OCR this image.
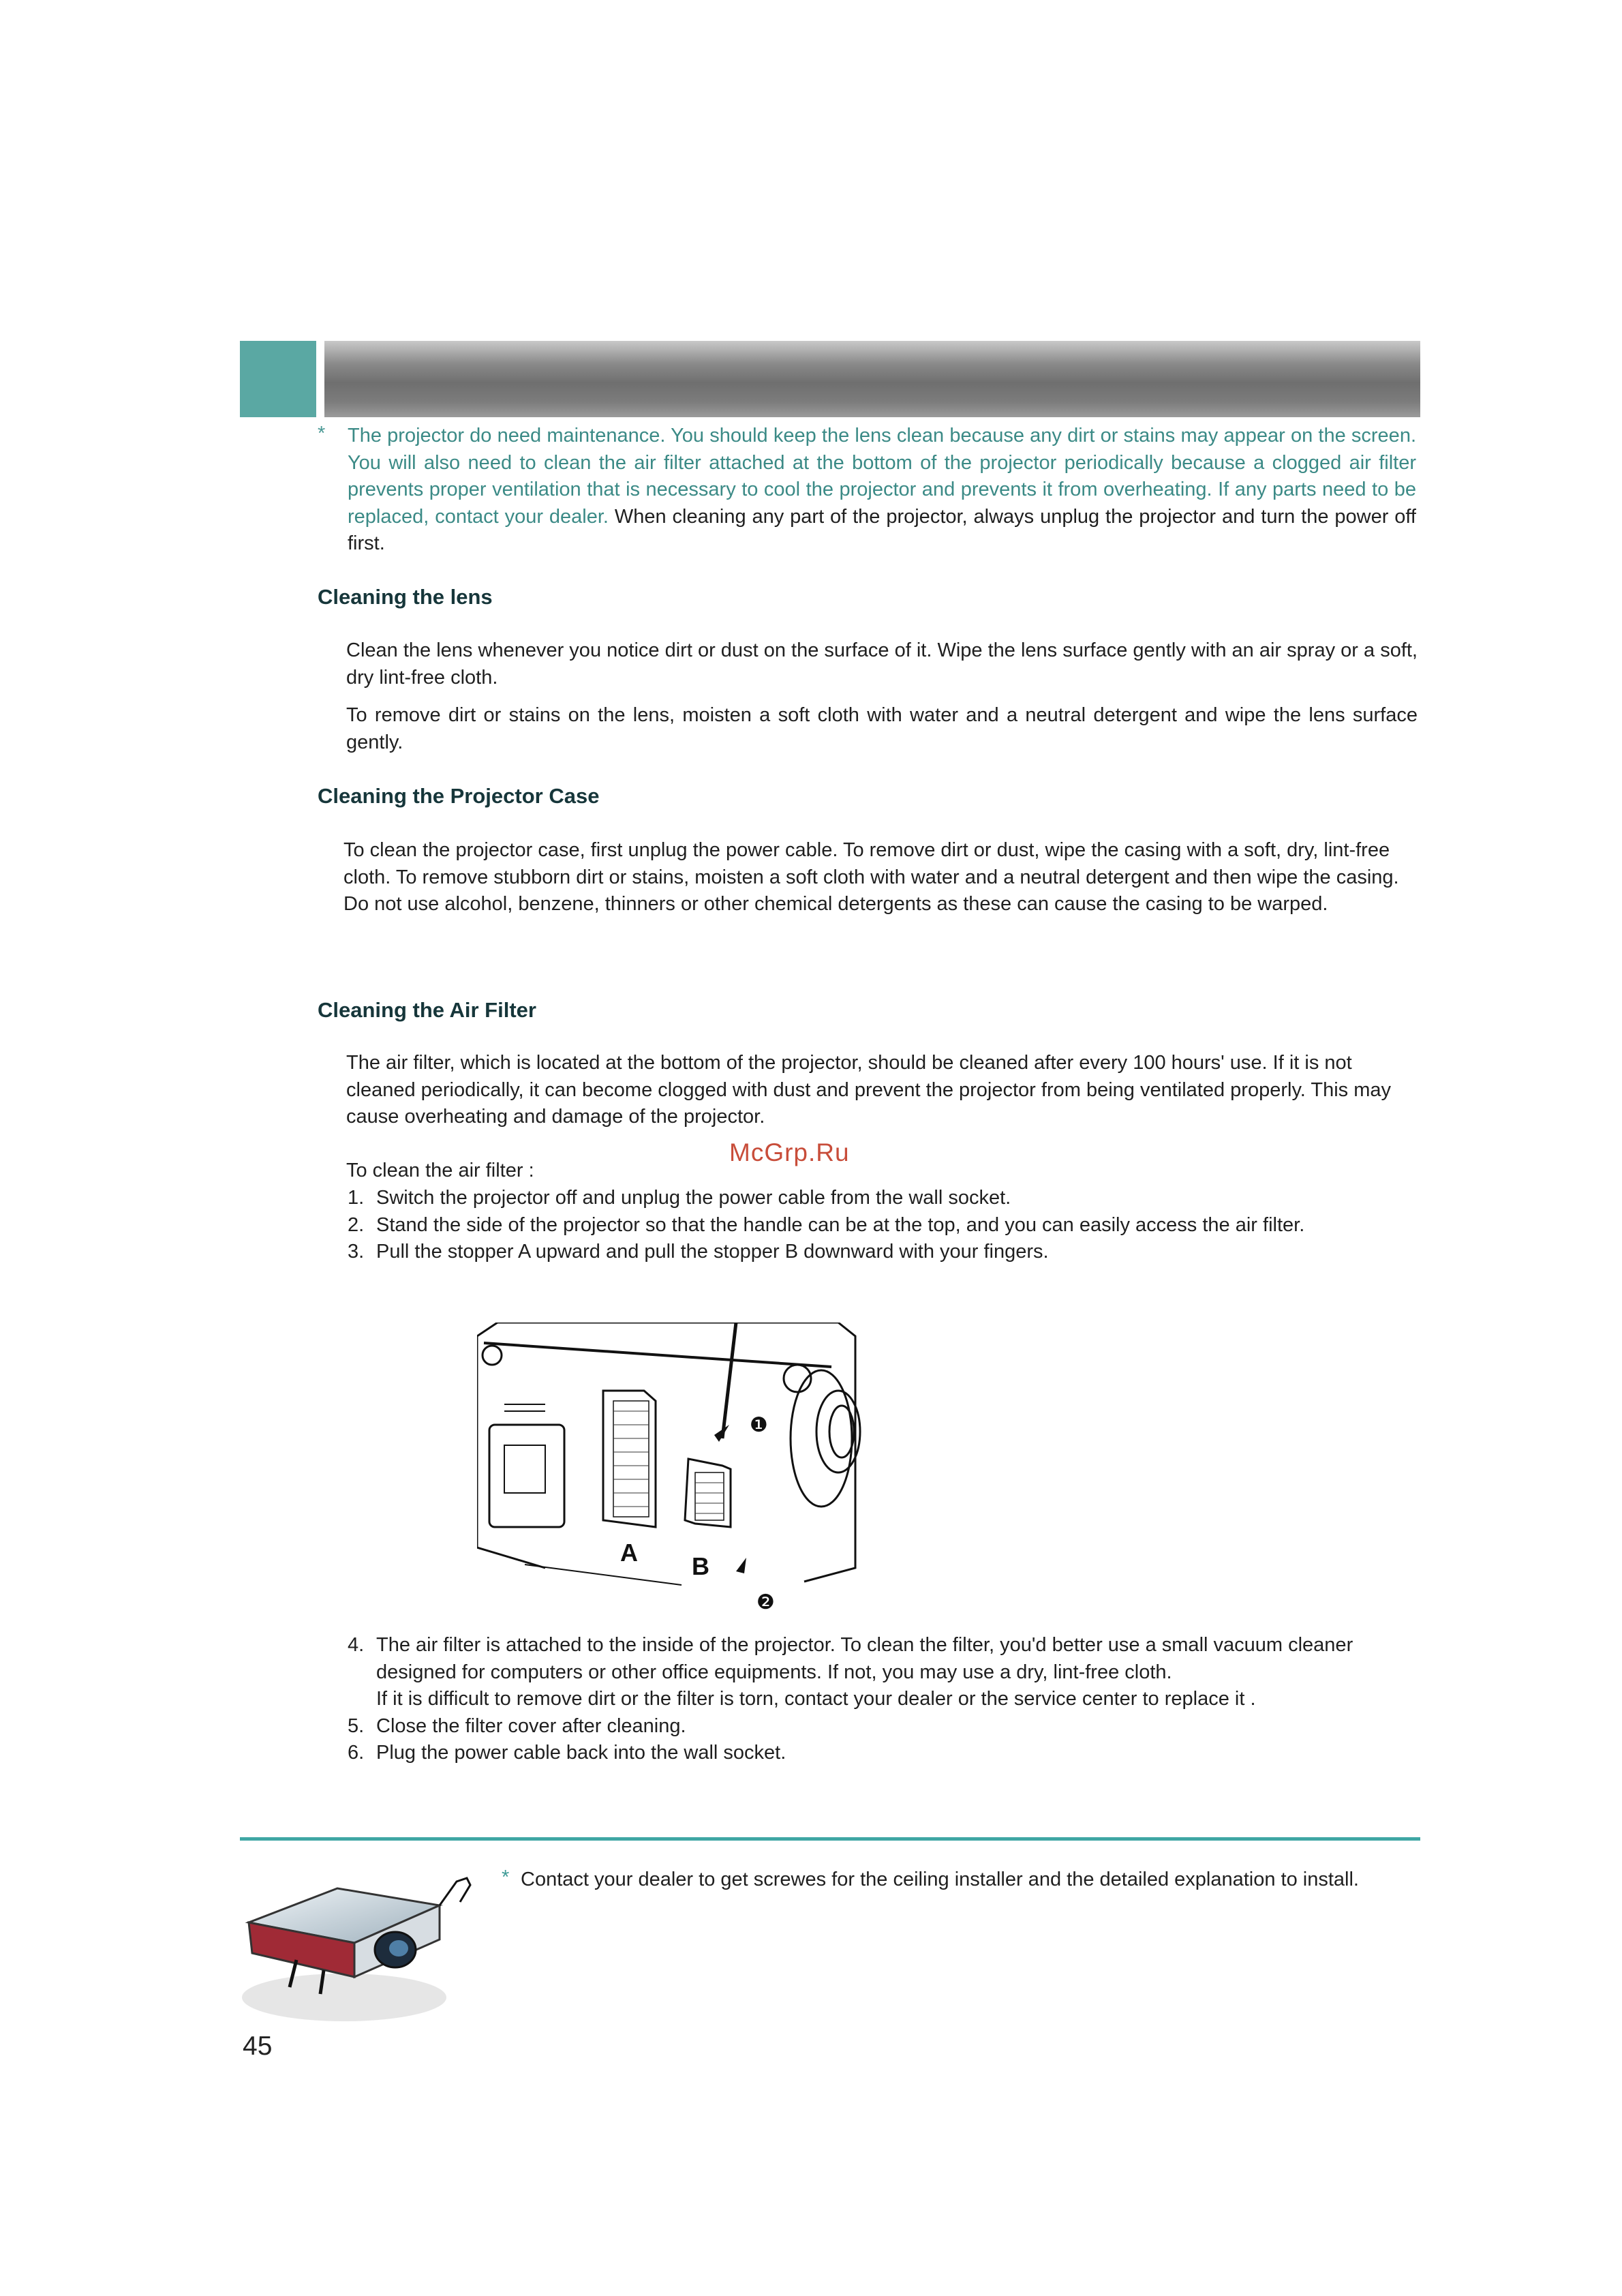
* The projector do need maintenance. You should keep the lens clean because any dirt or stains may appear on the screen. You will also need to clean the air filter attached at the bottom of the projector periodically because a clogged air filter prevents proper ventilation that is necessary to cool the projector and prevents it from overheating. If any parts need to be replaced, contact your dealer. When cleaning any part of the projector, always unplug the projector and turn the power off first.

Cleaning the lens

Clean the lens whenever you notice dirt or dust on the surface of it. Wipe the lens surface gently with an air spray or a soft, dry lint-free cloth.

To remove dirt or stains on the lens, moisten a soft cloth with water and a neutral detergent and wipe the lens surface gently.

Cleaning the Projector Case

To clean the projector case, first unplug the power cable. To remove dirt or dust, wipe the casing with a soft, dry, lint-free cloth. To remove stubborn dirt or stains, moisten a soft cloth with water and a neutral detergent and then wipe the casing.

Do not use alcohol, benzene, thinners or other chemical detergents as these can cause the casing to be warped.

Cleaning the Air Filter

The air filter, which is located at the bottom of the projector, should be cleaned after every 100 hours' use. If it is not cleaned periodically, it can become clogged with dust and prevent the projector from being ventilated properly. This may cause overheating and damage of the projector.

McGrp.Ru

To clean the air filter :

1. Switch the projector off and unplug the power cable from the wall socket.
2. Stand the side of the projector so that the handle can be at the top, and you can easily access the air filter.
3. Pull the stopper A upward and pull the stopper B downward with your fingers.
A B
❶
❷
4. The air filter is attached to the inside of the projector. To clean the filter, you'd better use a small vacuum cleaner designed for computers or other office equipments. If not, you may use a dry, lint-free cloth.
If it is difficult to remove dirt or the filter is torn, contact your dealer or the service center to replace it .
5. Close the filter cover after cleaning.
6. Plug the power cable back into the wall socket.
* Contact your dealer to get screwes for the ceiling installer and the detailed explanation to install.

45
